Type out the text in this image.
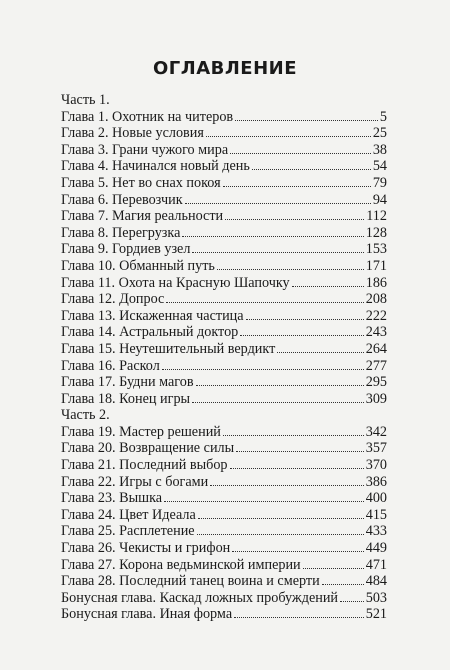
ОГЛАВЛЕНИЕ
Часть 1.
Глава 1. Охотник на читеров	5
Глава 2. Новые условия	25
Глава 3. Грани чужого мира	38
Глава 4. Начинался новый день	54
Глава 5. Нет во снах покоя	79
Глава 6. Перевозчик	94
Глава 7. Магия реальности	112
Глава 8. Перегрузка	128
Глава 9. Гордиев узел	153
Глава 10. Обманный путь	171
Глава 11. Охота на Красную Шапочку	186
Глава 12. Допрос	208
Глава 13. Искаженная частица	222
Глава 14. Астральный доктор	243
Глава 15. Неутешительный вердикт	264
Глава 16. Раскол	277
Глава 17. Будни магов	295
Глава 18. Конец игры	309
Часть 2.
Глава 19. Мастер решений	342
Глава 20. Возвращение силы	357
Глава 21. Последний выбор	370
Глава 22. Игры с богами	386
Глава 23. Вышка	400
Глава 24. Цвет Идеала	415
Глава 25. Расплетение	433
Глава 26. Чекисты и грифон	449
Глава 27. Корона ведьминской империи	471
Глава 28. Последний танец воина и смерти	484
Бонусная глава. Каскад ложных пробуждений 503
Бонусная глава. Иная форма	521
